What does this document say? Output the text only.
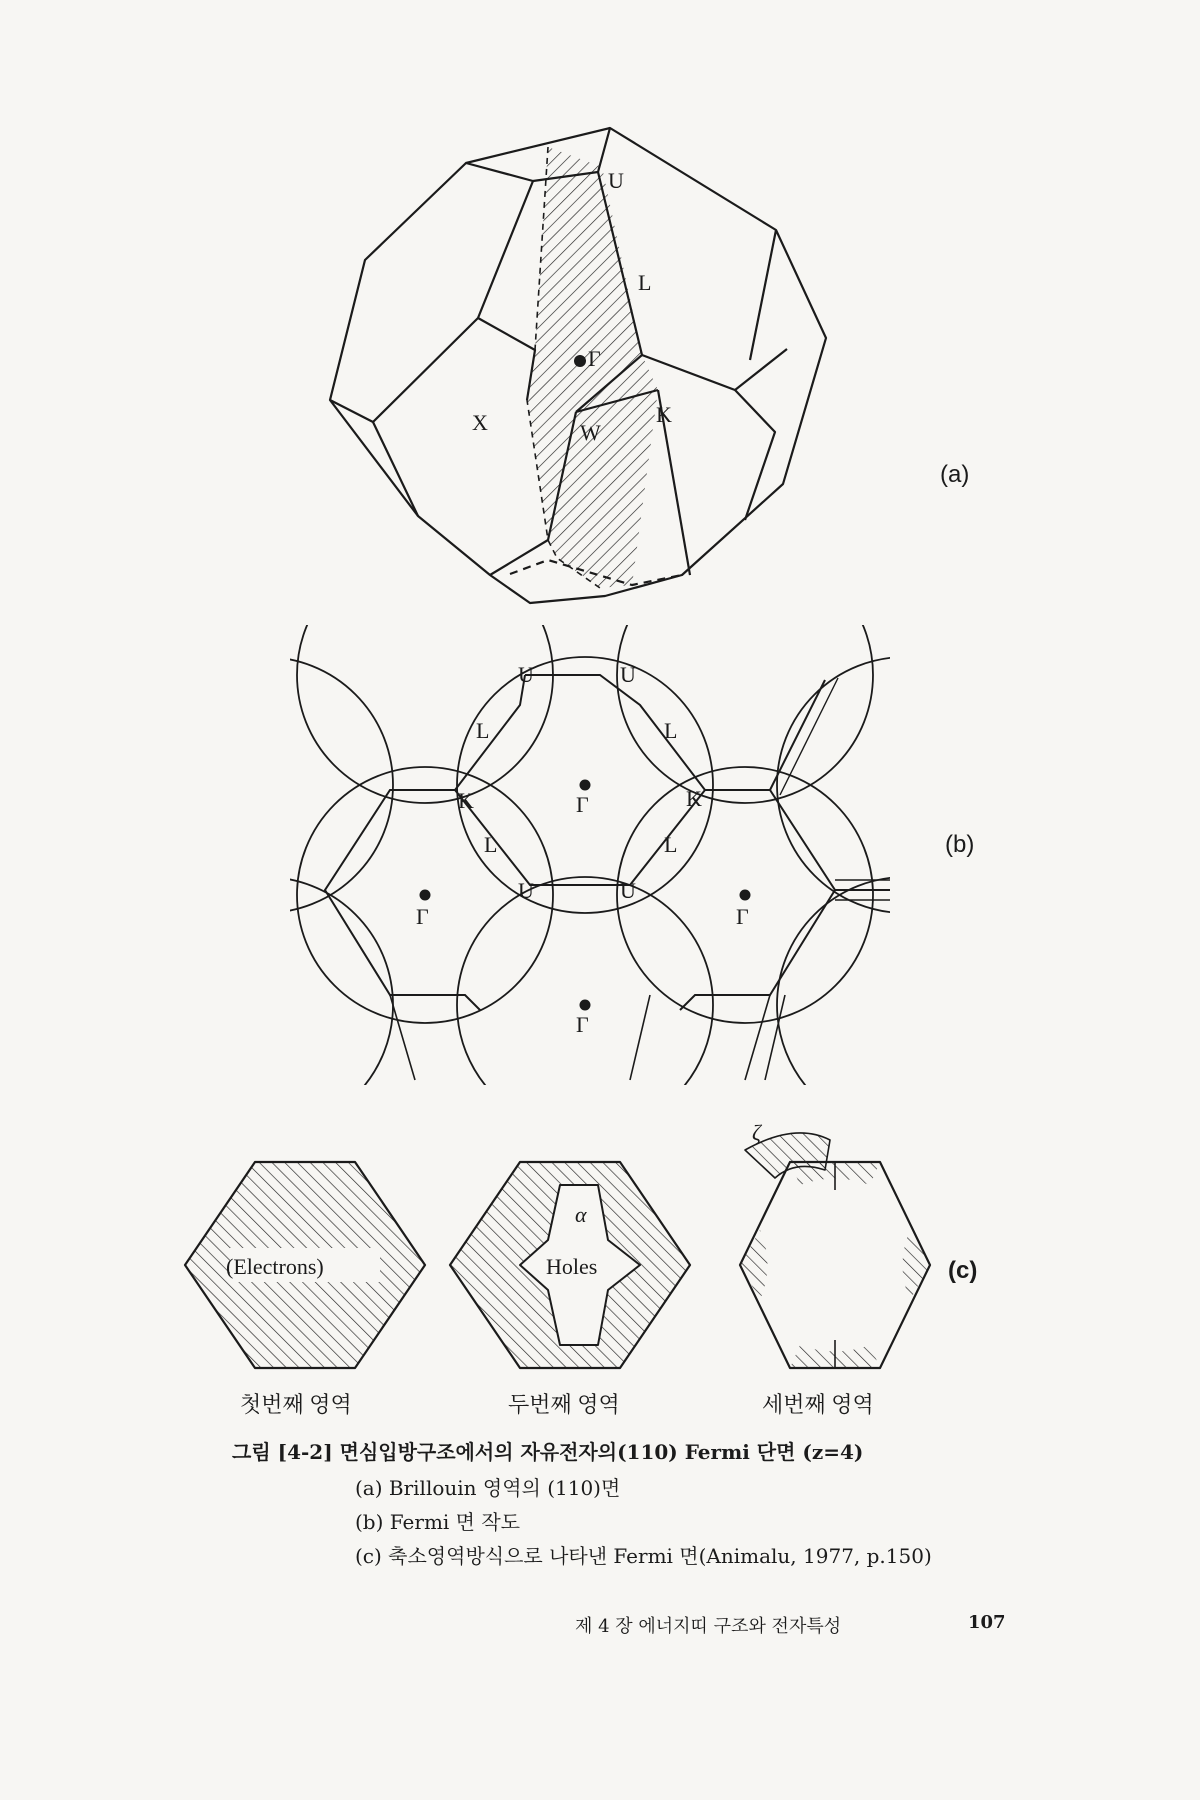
U
L
Γ
W
K
X
(a)
U	U
L	L
K	Γ	K
L	L
U	U
Γ	Γ
Γ
(b)
(Electrons)	Holes
α
ζ
(c)
첫번째 영역	두번째 영역	세번째 영역
그림 [4-2] 면심입방구조에서의 자유전자의(110) Fermi 단면 (z=4)
(a) Brillouin 영역의 (110)면
(b) Fermi 면 작도
(c) 축소영역방식으로 나타낸 Fermi 면(Animalu, 1977, p.150)
제 4 장 에너지띠 구조와 전자특성	107
